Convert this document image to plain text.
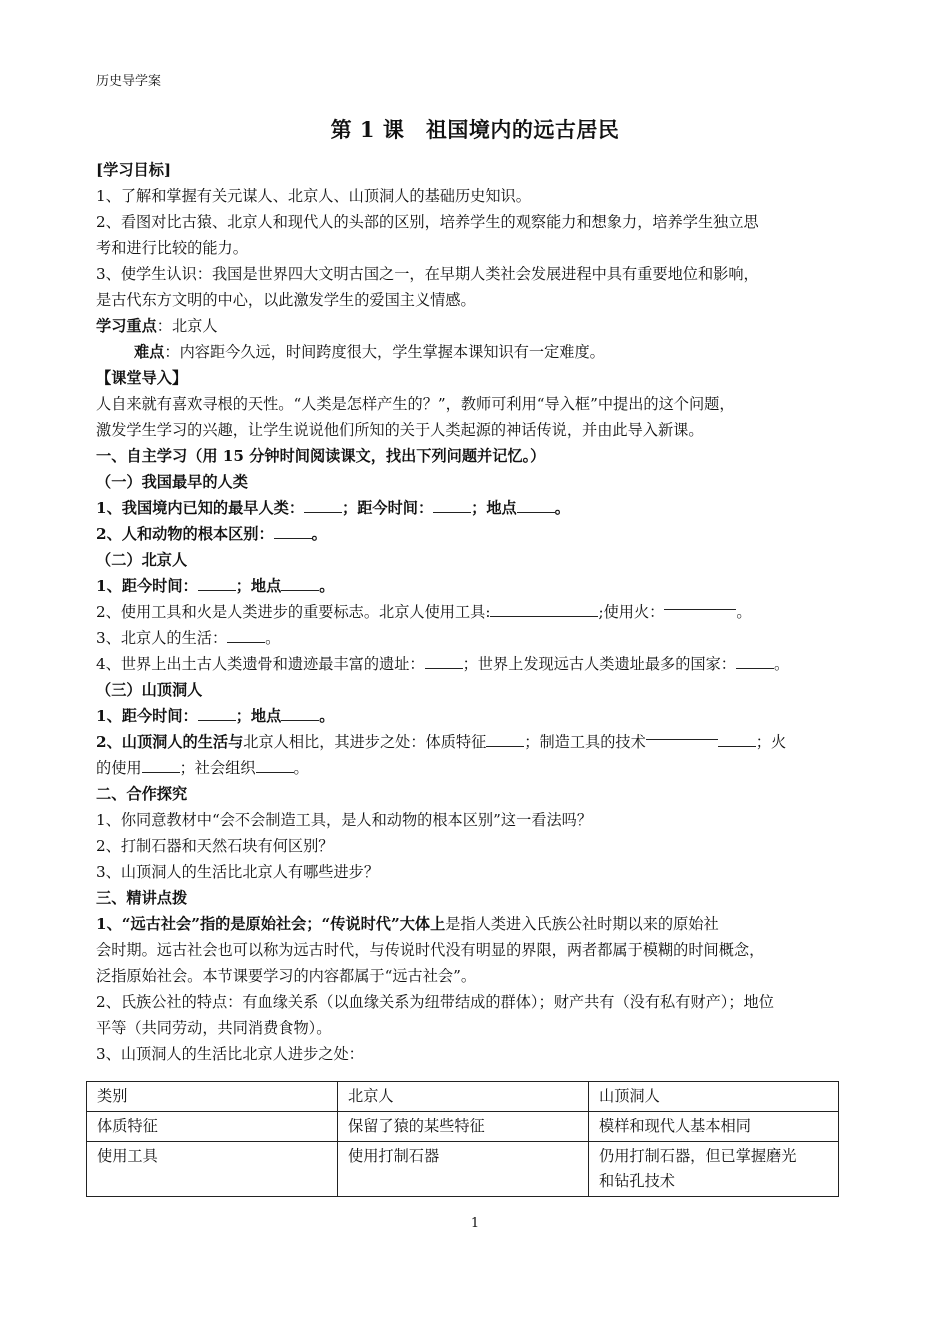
历史导学案
第 1 课　祖国境内的远古居民
[学习目标]
1、了解和掌握有关元谋人、北京人、山顶洞人的基础历史知识。
2、看图对比古猿、北京人和现代人的头部的区别，培养学生的观察能力和想象力，培养学生独立思
考和进行比较的能力。
3、使学生认识：我国是世界四大文明古国之一，在早期人类社会发展进程中具有重要地位和影响，
是古代东方文明的中心，以此激发学生的爱国主义情感。
学习重点：北京人
难点：内容距今久远，时间跨度很大，学生掌握本课知识有一定难度。
【课堂导入】
人自来就有喜欢寻根的天性。“人类是怎样产生的？”，教师可利用“导入框”中提出的这个问题，
激发学生学习的兴趣，让学生说说他们所知的关于人类起源的神话传说，并由此导入新课。
一、自主学习（用 15 分钟时间阅读课文，找出下列问题并记忆。）
（一）我国最早的人类
1、我国境内已知的最早人类：	；距今时间：	；地点	。
2、人和动物的根本区别：	。
（二）北京人
1、距今时间：	；地点	。
2、使用工具和火是人类进步的重要标志。北京人使用工具:	;使用火：	。
3、北京人的生活：	。
4、世界上出土古人类遗骨和遗迹最丰富的遗址：	；世界上发现远古人类遗址最多的国家：	。
（三）山顶洞人
1、距今时间：	；地点	。
2、山顶洞人的生活与北京人相比，其进步之处：体质特征	；制造工具的技术	；火
的使用	；社会组织	。
二、合作探究
1、你同意教材中“会不会制造工具，是人和动物的根本区别”这一看法吗？
2、打制石器和天然石块有何区别？
3、山顶洞人的生活比北京人有哪些进步？
三、精讲点拨
1、“远古社会”指的是原始社会；“传说时代”大体上是指人类进入氏族公社时期以来的原始社
会时期。远古社会也可以称为远古时代，与传说时代没有明显的界限，两者都属于模糊的时间概念，
泛指原始社会。本节课要学习的内容都属于“远古社会”。
2、氏族公社的特点：有血缘关系（以血缘关系为纽带结成的群体）；财产共有（没有私有财产）；地位
平等（共同劳动，共同消费食物）。
3、山顶洞人的生活比北京人进步之处：
类别	北京人	山顶洞人
体质特征	保留了猿的某些特征	模样和现代人基本相同
使用工具	使用打制石器	仍用打制石器，但已掌握磨光
和钻孔技术
1
